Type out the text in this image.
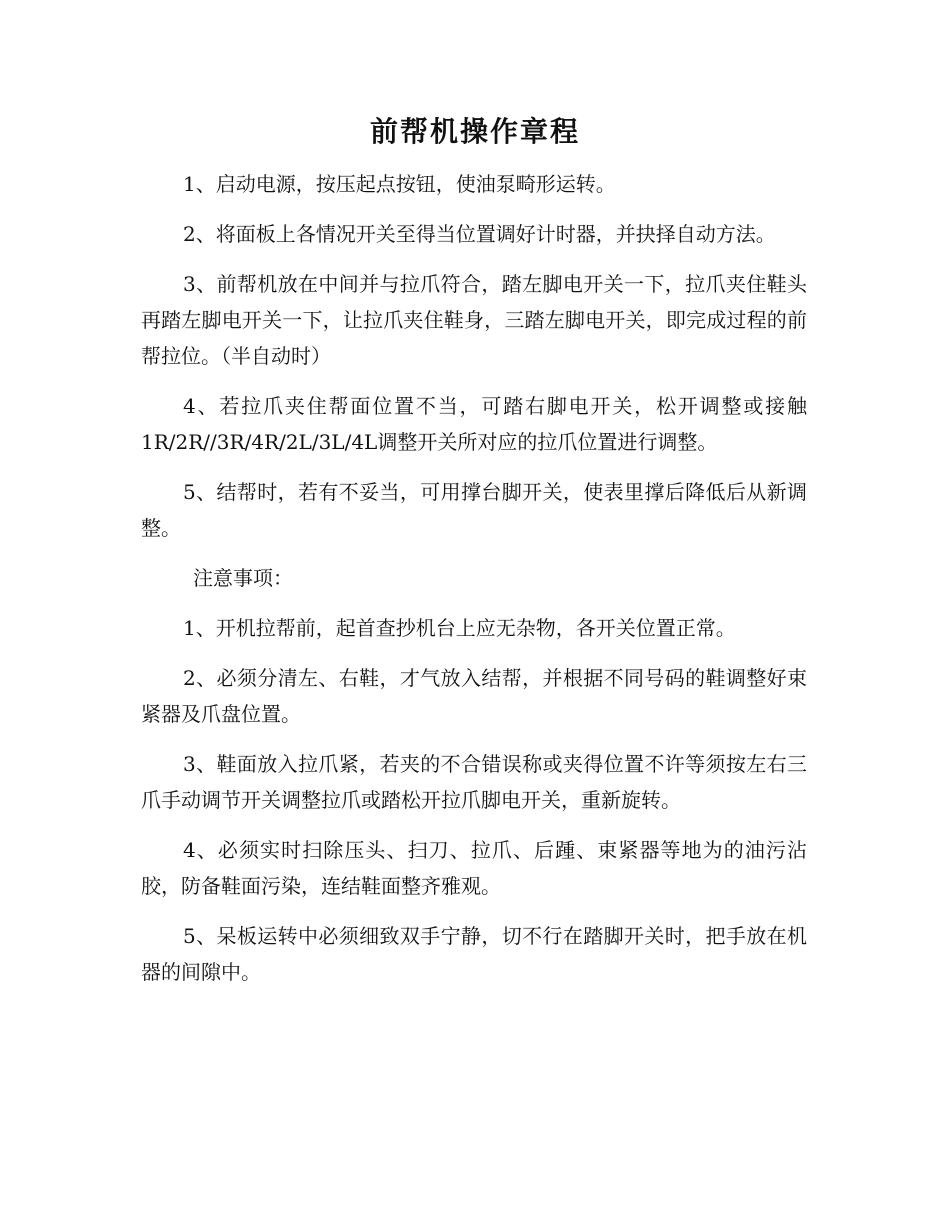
前帮机操作章程

1、启动电源，按压起点按钮，使油泵畸形运转。

2、将面板上各情况开关至得当位置调好计时器，并抉择自动方法。

3、前帮机放在中间并与拉爪符合，踏左脚电开关一下，拉爪夹住鞋头再踏左脚电开关一下，让拉爪夹住鞋身，三踏左脚电开关，即完成过程的前帮拉位。（半自动时）

4、若拉爪夹住帮面位置不当，可踏右脚电开关，松开调整或接触1R/2R//3R/4R/2L/3L/4L调整开关所对应的拉爪位置进行调整。

5、结帮时，若有不妥当，可用撑台脚开关，使表里撑后降低后从新调整。

注意事项：

1、开机拉帮前，起首查抄机台上应无杂物，各开关位置正常。

2、必须分清左、右鞋，才气放入结帮，并根据不同号码的鞋调整好束紧器及爪盘位置。

3、鞋面放入拉爪紧，若夹的不合错误称或夹得位置不许等须按左右三爪手动调节开关调整拉爪或踏松开拉爪脚电开关，重新旋转。

4、必须实时扫除压头、扫刀、拉爪、后踵、束紧器等地为的油污沾胶，防备鞋面污染，连结鞋面整齐雅观。

5、呆板运转中必须细致双手宁静，切不行在踏脚开关时，把手放在机器的间隙中。
